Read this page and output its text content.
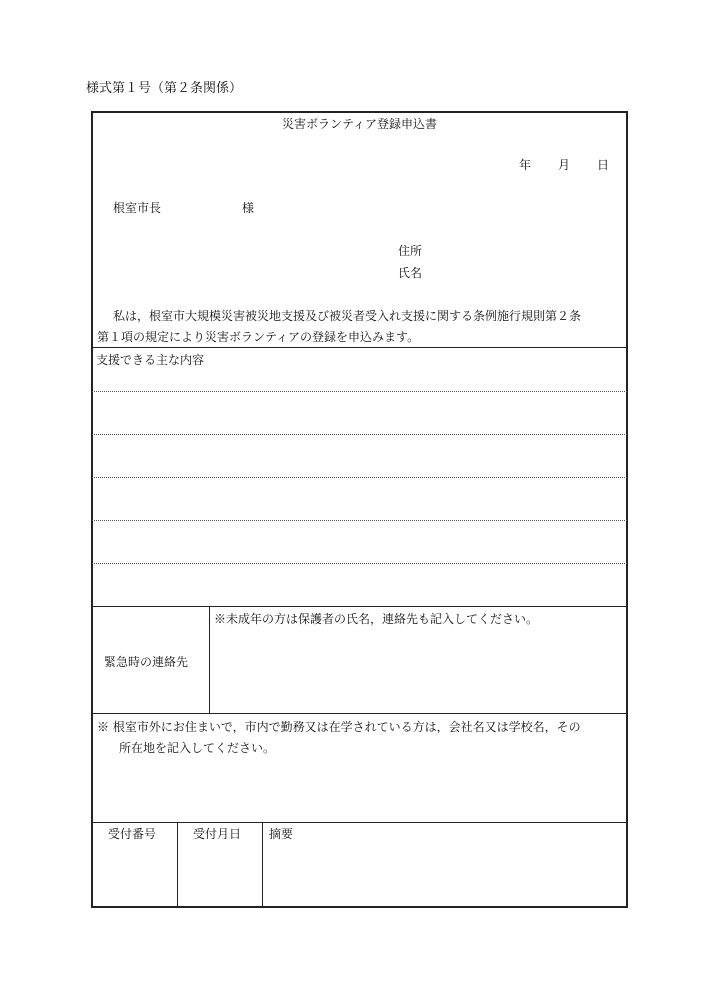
様式第１号（第２条関係）
災害ボランティア登録申込書
年 月 日
根室市長	様
住所
氏名
私は，根室市大規模災害被災地支援及び被災者受入れ支援に関する条例施行規則第２条
第１項の規定により災害ボランティアの登録を申込みます。
支援できる主な内容
緊急時の連絡先
※未成年の方は保護者の氏名，連絡先も記入してください。
※ 根室市外にお住まいで，市内で勤務又は在学されている方は，会社名又は学校名，その
所在地を記入してください。
受付番号	受付月日 摘要
